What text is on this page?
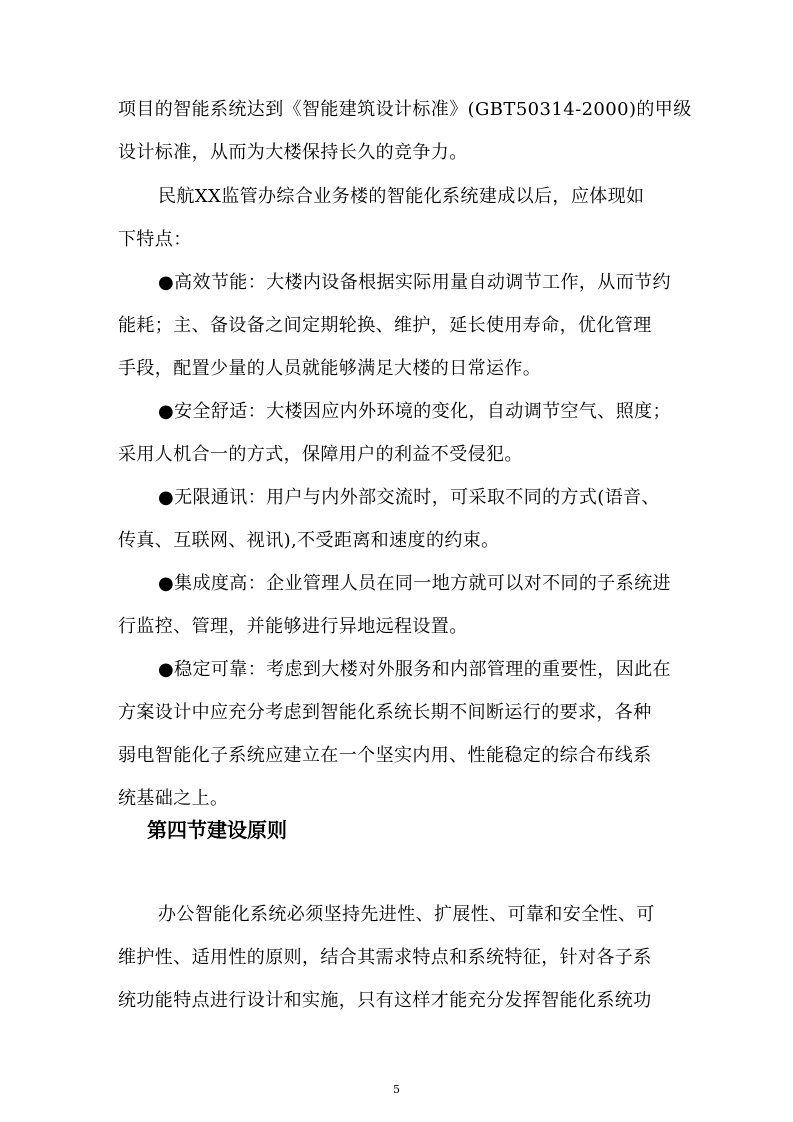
项目的智能系统达到《智能建筑设计标准》(GBT50314-2000)的甲级
设计标准，从而为大楼保持长久的竞争力。
民航XX监管办综合业务楼的智能化系统建成以后，应体现如
下特点：
●高效节能：大楼内设备根据实际用量自动调节工作，从而节约
能耗；主、备设备之间定期轮换、维护，延长使用寿命，优化管理
手段，配置少量的人员就能够满足大楼的日常运作。
●安全舒适：大楼因应内外环境的变化，自动调节空气、照度；
采用人机合一的方式，保障用户的利益不受侵犯。
●无限通讯：用户与内外部交流时，可采取不同的方式(语音、
传真、互联网、视讯),不受距离和速度的约束。
●集成度高：企业管理人员在同一地方就可以对不同的子系统进
行监控、管理，并能够进行异地远程设置。
●稳定可靠：考虑到大楼对外服务和内部管理的重要性，因此在
方案设计中应充分考虑到智能化系统长期不间断运行的要求，各种
弱电智能化子系统应建立在一个坚实内用、性能稳定的综合布线系
统基础之上。
第四节建设原则
办公智能化系统必须坚持先进性、扩展性、可靠和安全性、可
维护性、适用性的原则，结合其需求特点和系统特征，针对各子系
统功能特点进行设计和实施，只有这样才能充分发挥智能化系统功
5
